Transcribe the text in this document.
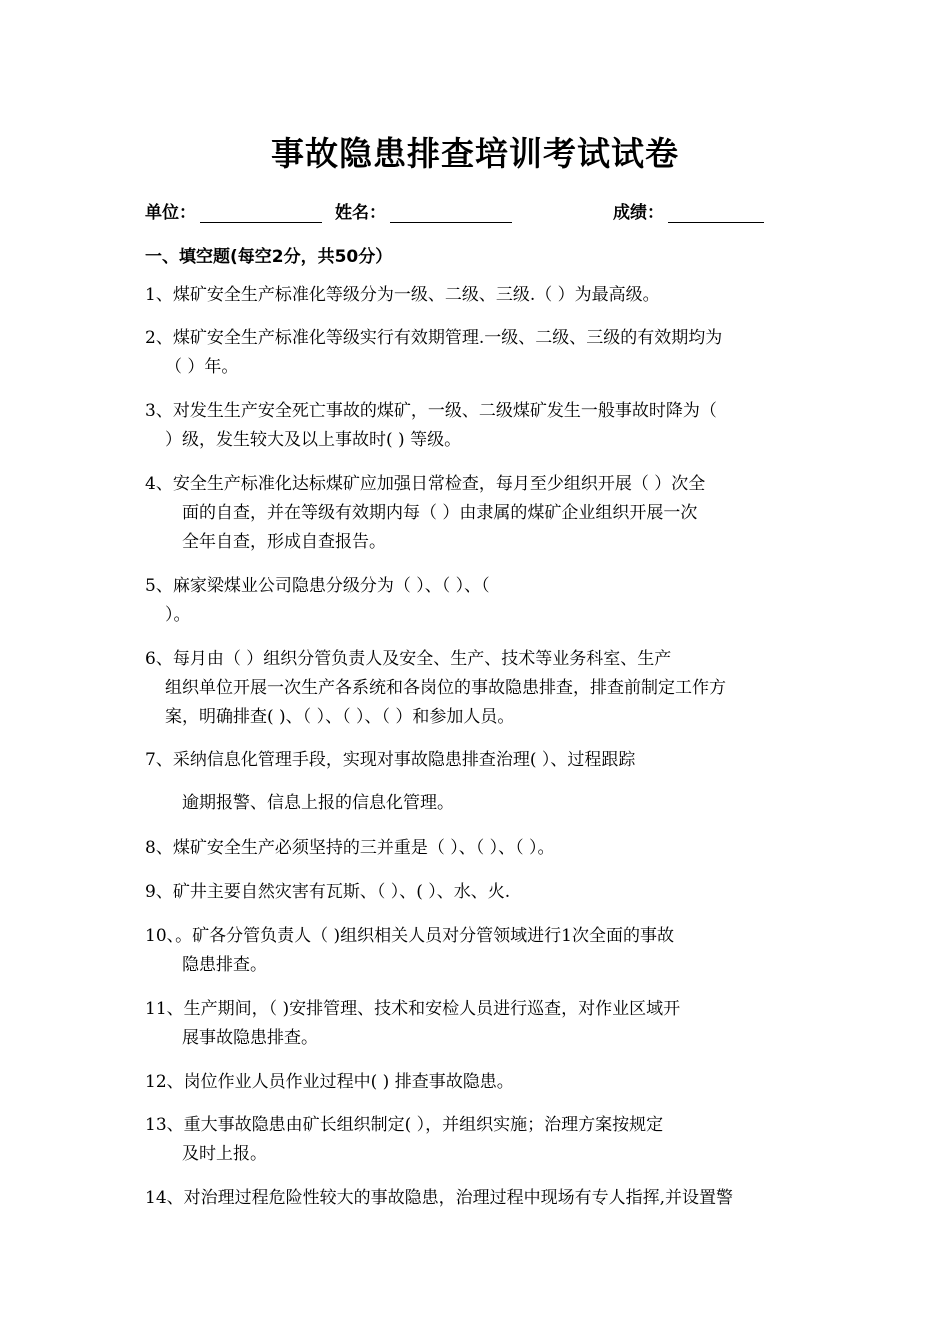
事故隐患排查培训考试试卷
单位：	姓名：	成绩：
一、填空题(每空2分，共50分）
1、煤矿安全生产标准化等级分为一级、二级、三级.（ ）为最高级。
2、煤矿安全生产标准化等级实行有效期管理.一级、二级、三级的有效期均为
（ ）年。
3、对发生生产安全死亡事故的煤矿，一级、二级煤矿发生一般事故时降为（
）级，发生较大及以上事故时( ) 等级。
4、安全生产标准化达标煤矿应加强日常检查，每月至少组织开展（ ）次全
面的自查，并在等级有效期内每（ ）由隶属的煤矿企业组织开展一次
全年自查，形成自查报告。
5、麻家梁煤业公司隐患分级分为（ ）、（ ）、（
）。
6、每月由（ ）组织分管负责人及安全、生产、技术等业务科室、生产
组织单位开展一次生产各系统和各岗位的事故隐患排查，排查前制定工作方
案，明确排查( )、（ ）、（ ）、（ ）和参加人员。
7、采纳信息化管理手段，实现对事故隐患排查治理( ）、过程跟踪
逾期报警、信息上报的信息化管理。
8、煤矿安全生产必须坚持的三并重是（ ）、（ ）、（ ）。
9、矿井主要自然灾害有瓦斯、（ ）、( ）、水、火.
10、。矿各分管负责人（ )组织相关人员对分管领域进行1次全面的事故
隐患排查。
11、生产期间，（ )安排管理、技术和安检人员进行巡查，对作业区域开
展事故隐患排查。
12、岗位作业人员作业过程中( ) 排查事故隐患。
13、重大事故隐患由矿长组织制定( ），并组织实施；治理方案按规定
及时上报。
14、对治理过程危险性较大的事故隐患，治理过程中现场有专人指挥,并设置警
